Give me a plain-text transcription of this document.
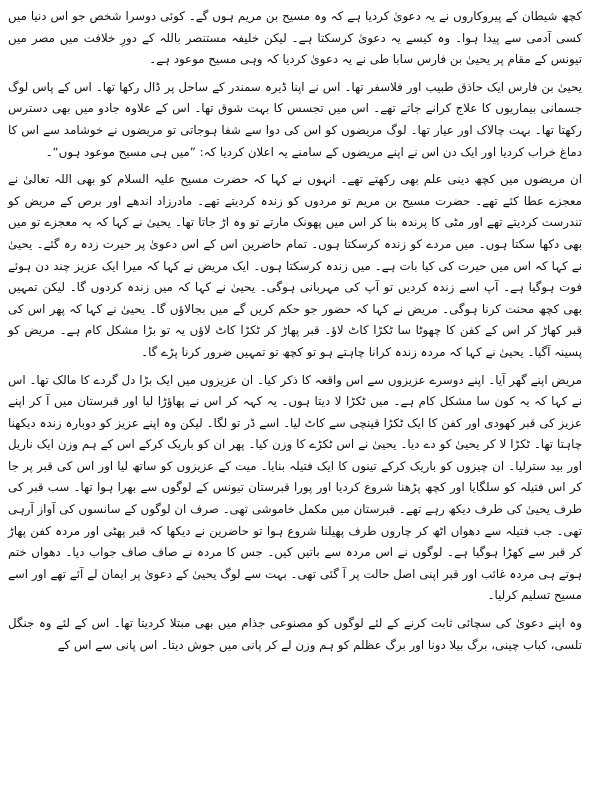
کچھ شیطان کے پیروکاروں نے یہ دعویٰ کردیا ہے کہ وہ مسیح بن مریم ہوں گے۔ کوئی دوسرا شخص جو اس دنیا میں کسی آدمی سے پیدا ہوا۔ وہ کیسے یہ دعویٰ کرسکتا ہے۔ لیکن خلیفہ مستنصر باللہ کے دورِ خلافت میں مصر میں تیونس کے مقام پر یحییٰ بن فارس سابا طی نے یہ دعویٰ کردیا کہ وہی مسیح موعود ہے۔

یحییٰ بن فارس ایک حاذق طبیب اور فلاسفر تھا۔ اس نے اپنا ڈیرہ سمندر کے ساحل پر ڈال رکھا تھا۔ اس کے پاس لوگ جسمانی بیماریوں کا علاج کرانے جاتے تھے۔ اس میں تجسس کا بہت شوق تھا۔ اس کے علاوہ جادو میں بھی دسترس رکھتا تھا۔ بہت چالاک اور عیار تھا۔ لوگ مریضوں کو اس کی دوا سے شفا ہوجاتی تو مریضوں نے خوشامد سے اس کا دماغ خراب کردیا اور ایک دن اس نے اپنے مریضوں کے سامنے یہ اعلان کردیا کہ: ”میں ہی مسیح موعود ہوں“۔

ان مریضوں میں کچھ دینی علم بھی رکھتے تھے۔ انہوں نے کہا کہ حضرت مسیح علیہ السلام کو بھی اللہ تعالیٰ نے معجزے عطا کئے تھے۔ حضرت مسیح بن مریم تو مردوں کو زندہ کردیتے تھے۔ مادرزاد اندھے اور برص کے مریض کو تندرست کردیتے تھے اور مٹی کا پرندہ بنا کر اس میں پھونک مارتے تو وہ اڑ جاتا تھا۔ یحییٰ نے کہا کہ یہ معجزے تو میں بھی دکھا سکتا ہوں۔ میں مردے کو زندہ کرسکتا ہوں۔ تمام حاضرین اس کے اس دعویٰ پر حیرت زدہ رہ گئے۔ یحییٰ نے کہا کہ اس میں حیرت کی کیا بات ہے۔ میں زندہ کرسکتا ہوں۔ ایک مریض نے کہا کہ میرا ایک عزیز چند دن ہوئے فوت ہوگیا ہے۔ آپ اسے زندہ کردیں تو آپ کی مہربانی ہوگی۔ یحییٰ نے کہا کہ میں زندہ کردوں گا۔ لیکن تمہیں بھی کچھ محنت کرنا ہوگی۔ مریض نے کہا کہ حضور جو حکم کریں گے میں بجالاؤں گا۔ یحییٰ نے کہا کہ پھر اس کی قبر کھاڑ کر اس کے کفن کا چھوٹا سا ٹکڑا کاٹ لاؤ۔ قبر پھاڑ کر ٹکڑا کاٹ لاؤں یہ تو بڑا مشکل کام ہے۔ مریض کو پسینہ آگیا۔ یحییٰ نے کہا کہ مردہ زندہ کرانا چاہتے ہو تو کچھ تو تمہیں ضرور کرنا پڑے گا۔

مریض اپنے گھر آیا۔ اپنے دوسرے عزیزوں سے اس واقعہ کا ذکر کیا۔ ان عزیزوں میں ایک بڑا دل گردے کا مالک تھا۔ اس نے کہا کہ یہ کون سا مشکل کام ہے۔ میں ٹکڑا لا دیتا ہوں۔ یہ کہہ کر اس نے پھاؤڑا لیا اور قبرستان میں آ کر اپنے عزیز کی قبر کھودی اور کفن کا ایک ٹکڑا قینچی سے کاٹ لیا۔ اسے ڈر تو لگا۔ لیکن وہ اپنے عزیز کو دوبارہ زندہ دیکھنا چاہتا تھا۔ ٹکڑا لا کر یحییٰ کو دے دیا۔ یحییٰ نے اس ٹکڑے کا وزن کیا۔ پھر ان کو باریک کرکے اس کے ہم وزن ایک ناریل اور بید سترلیا۔ ان چیزوں کو باریک کرکے تینوں کا ایک فتیلہ بنایا۔ میت کے عزیزوں کو ساتھ لیا اور اس کی قبر پر جا کر اس فتیلہ کو سلگایا اور کچھ پڑھنا شروع کردیا اور پورا قبرستان تیونس کے لوگوں سے بھرا ہوا تھا۔ سب قبر کی طرف یحییٰ کی طرف دیکھ رہے تھے۔ قبرستان میں مکمل خاموشی تھی۔ صرف ان لوگوں کے سانسوں کی آواز آرہی تھی۔ جب فتیلہ سے دھواں اٹھ کر چاروں طرف پھیلنا شروع ہوا تو حاضرین نے دیکھا کہ قبر پھٹی اور مردہ کفن پھاڑ کر قبر سے کھڑا ہوگیا ہے۔ لوگوں نے اس مردہ سے باتیں کیں۔ جس کا مردہ نے صاف صاف جواب دیا۔ دھواں ختم ہوتے ہی مردہ غائب اور قبر اپنی اصل حالت پر آ گئی تھی۔ بہت سے لوگ یحییٰ کے دعویٰ پر ایمان لے آئے تھے اور اسے مسیح تسلیم کرلیا۔

وہ اپنے دعویٰ کی سچائی ثابت کرنے کے لئے لوگوں کو مصنوعی جذام میں بھی مبتلا کردیتا تھا۔ اس کے لئے وہ جنگل تلسی، کباب چینی، برگ بیلا دونا اور برگ عظلم کو ہم وزن لے کر پانی میں جوش دیتا۔ اس پانی سے اس کے
